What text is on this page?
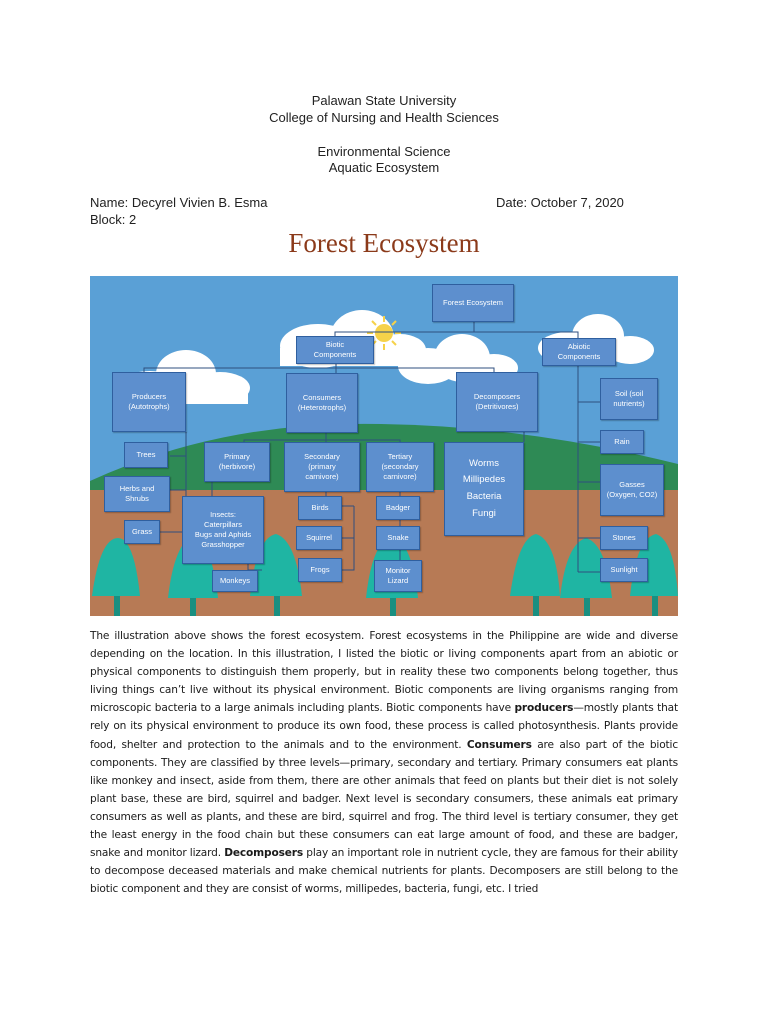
Palawan State University
College of Nursing and Health Sciences
Environmental Science
Aquatic Ecosystem
Name: Decyrel Vivien B. Esma	Date: October 7, 2020
Block: 2
Forest Ecosystem
Forest Ecosystem
Biotic
Components
Abiotic
Components
Producers
(Autotrophs)
Consumers
(Heterotrophs)
Decomposers
(Detritivores)
Trees
Herbs and
Shrubs
Grass
Primary
(herbivore)
Secondary
(primary
carnivore)
Tertiary
(secondary
carnivore)
Worms
Millipedes
Bacteria
Fungi
Insects:
Caterpillars
Bugs and Aphids
Grasshopper
Monkeys
Birds
Squirrel
Frogs
Badger
Snake
Monitor
Lizard
Soil (soil
nutrients)
Rain
Gasses
(Oxygen, CO2)
Stones
Sunlight
The illustration above shows the forest ecosystem. Forest ecosystems in the Philippine are wide and diverse depending on the location. In this illustration, I listed the biotic or living components apart from an abiotic or physical components to distinguish them properly, but in reality these two components belong together, thus living things can’t live without its physical environment. Biotic components are living organisms ranging from microscopic bacteria to a large animals including plants. Biotic components have producers—mostly plants that rely on its physical environment to produce its own food, these process is called photosynthesis. Plants provide food, shelter and protection to the animals and to the environment. Consumers are also part of the biotic components. They are classified by three levels—primary, secondary and tertiary. Primary consumers eat plants like monkey and insect, aside from them, there are other animals that feed on plants but their diet is not solely plant base, these are bird, squirrel and badger. Next level is secondary consumers, these animals eat primary consumers as well as plants, and these are bird, squirrel and frog. The third level is tertiary consumer, they get the least energy in the food chain but these consumers can eat large amount of food, and these are badger, snake and monitor lizard. Decomposers play an important role in nutrient cycle, they are famous for their ability to decompose deceased materials and make chemical nutrients for plants. Decomposers are still belong to the biotic component and they are consist of worms, millipedes, bacteria, fungi, etc. I tried
